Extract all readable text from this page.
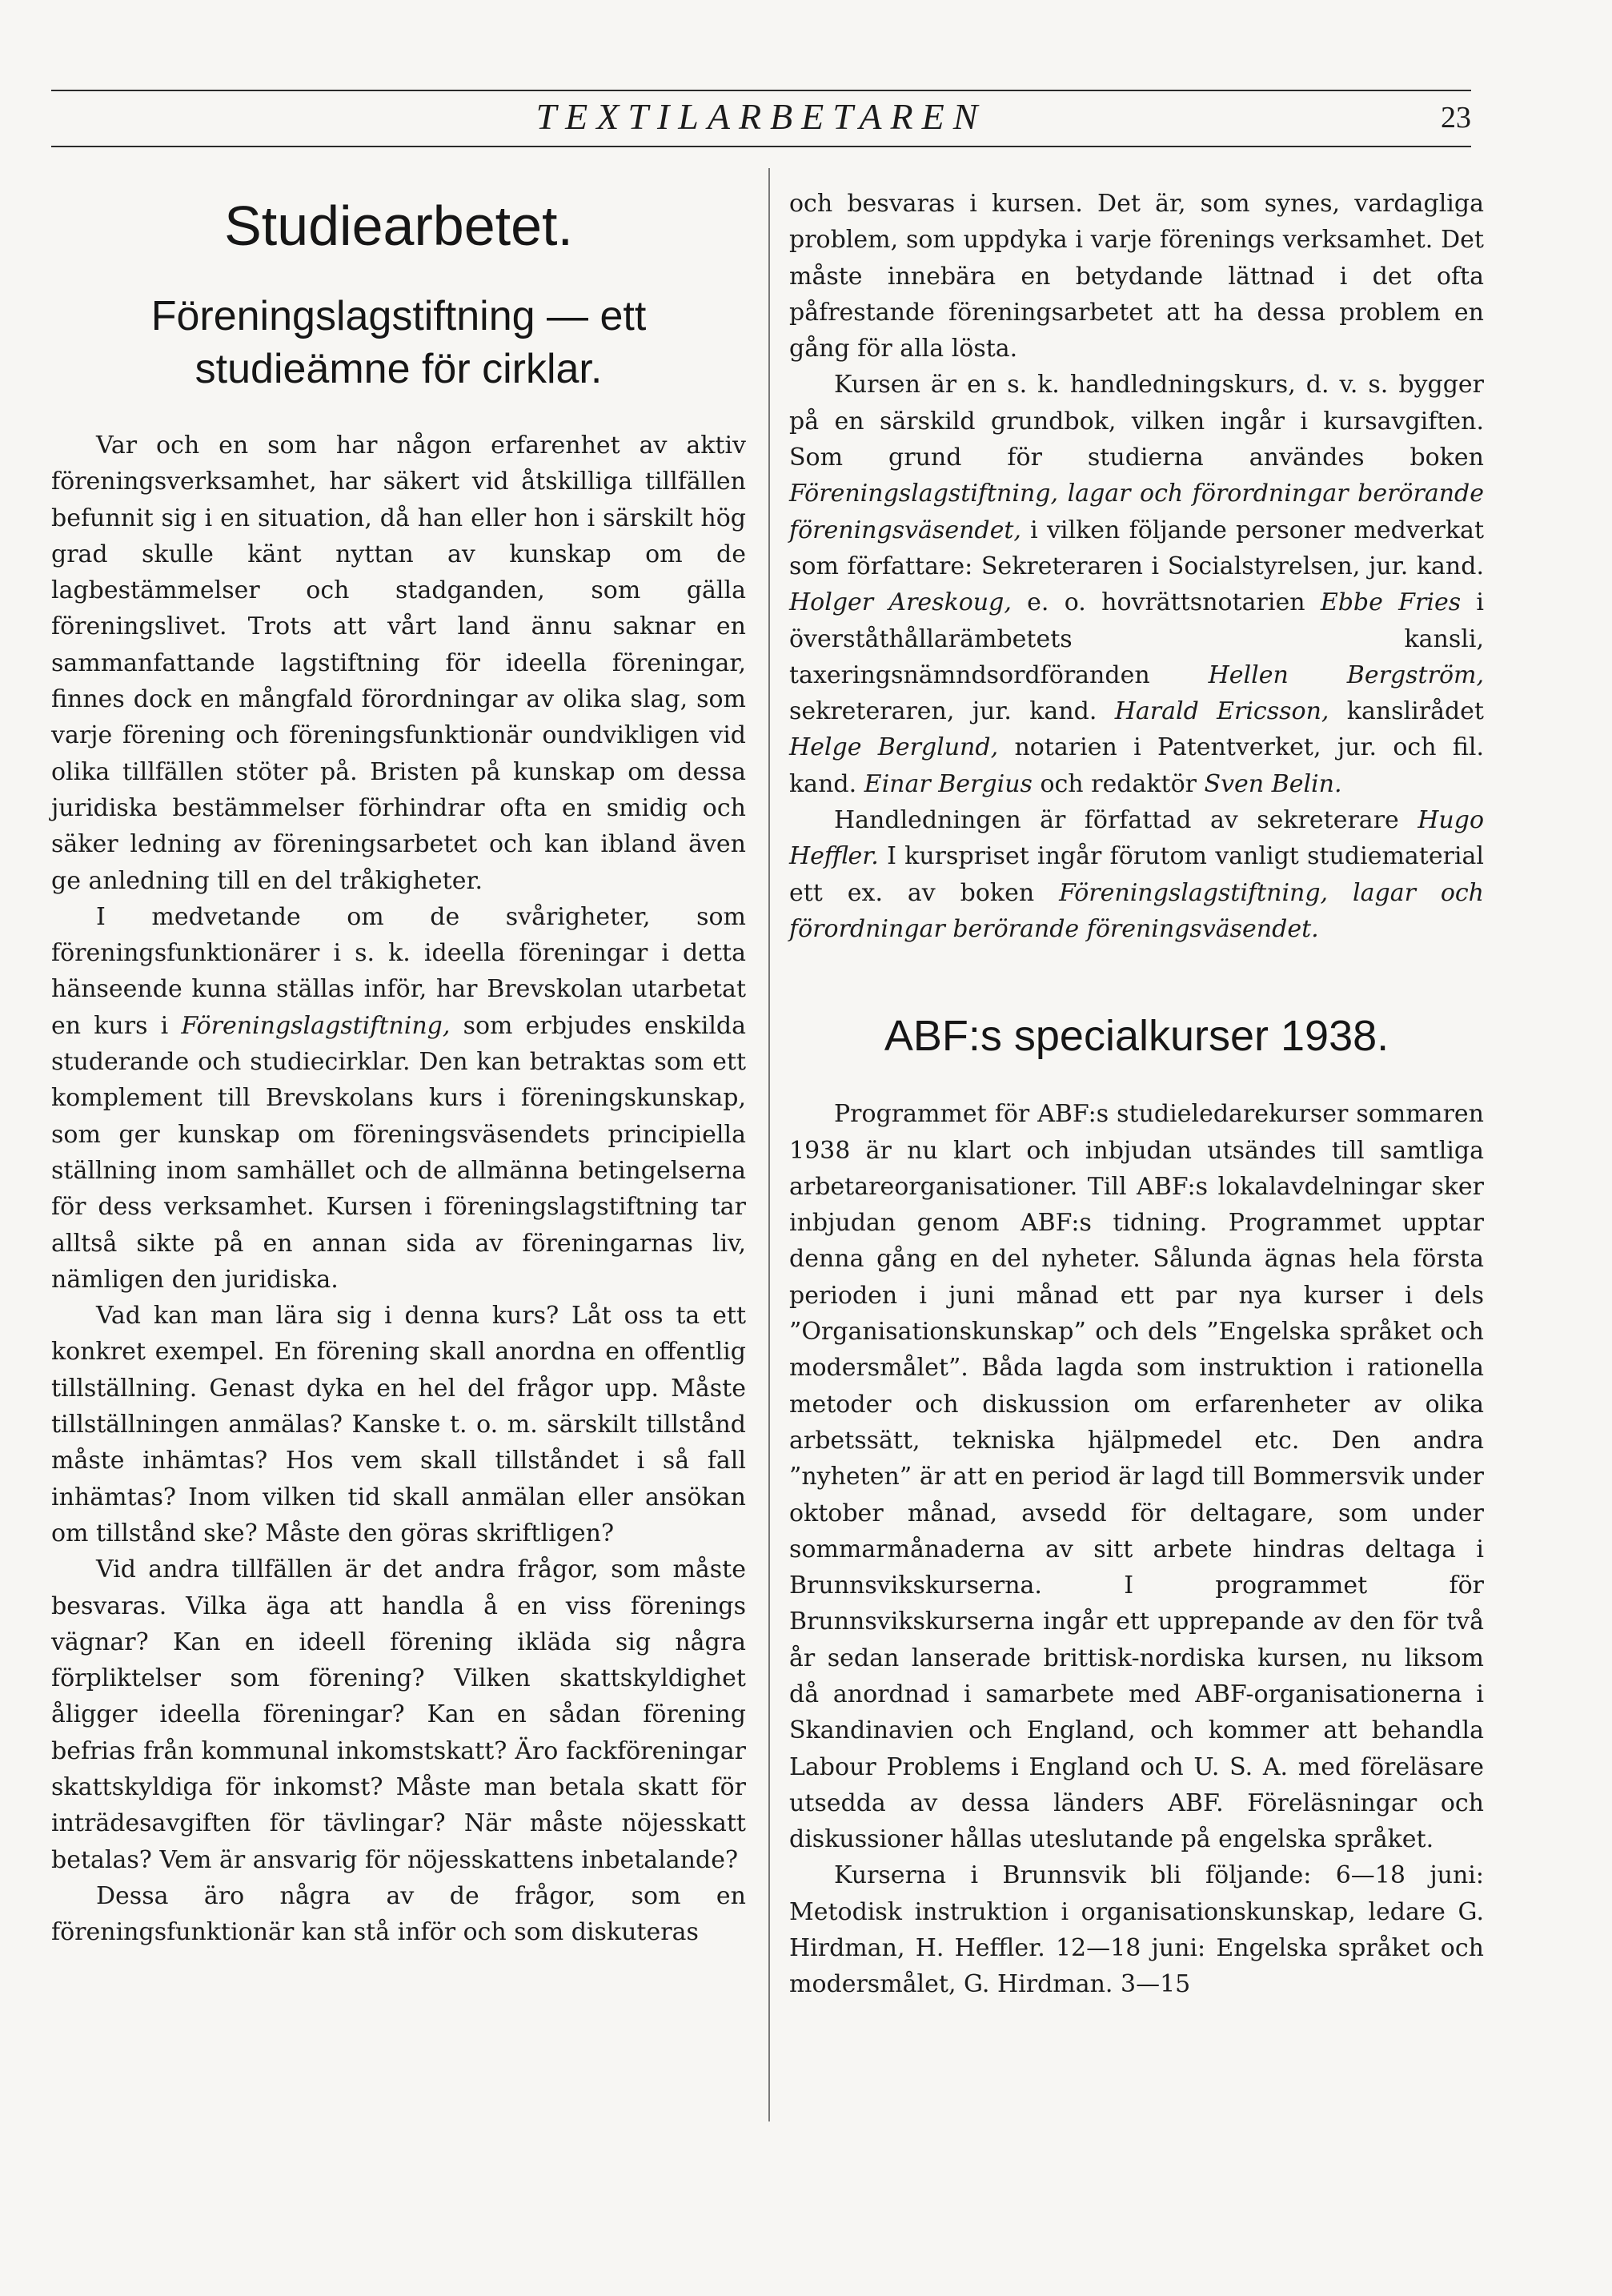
TEXTILARBETAREN	23
Studiearbetet.
Föreningslagstiftning — ett studieämne för cirklar.

Var och en som har någon erfarenhet av aktiv föreningsverksamhet, har säkert vid åtskilliga tillfällen befunnit sig i en situation, då han eller hon i särskilt hög grad skulle känt nyttan av kunskap om de lagbestämmelser och stadganden, som gälla föreningslivet. Trots att vårt land ännu saknar en sammanfattande lagstiftning för ideella föreningar, finnes dock en mångfald förordningar av olika slag, som varje förening och föreningsfunktionär oundvikligen vid olika tillfällen stöter på. Bristen på kunskap om dessa juridiska bestämmelser förhindrar ofta en smidig och säker ledning av föreningsarbetet och kan ibland även ge anledning till en del tråkigheter.

I medvetande om de svårigheter, som föreningsfunktionärer i s. k. ideella föreningar i detta hänseende kunna ställas inför, har Brevskolan utarbetat en kurs i Föreningslagstiftning, som erbjudes enskilda studerande och studiecirklar. Den kan betraktas som ett komplement till Brevskolans kurs i föreningskunskap, som ger kunskap om föreningsväsendets principiella ställning inom samhället och de allmänna betingelserna för dess verksamhet. Kursen i föreningslagstiftning tar alltså sikte på en annan sida av föreningarnas liv, nämligen den juridiska.

Vad kan man lära sig i denna kurs? Låt oss ta ett konkret exempel. En förening skall anordna en offentlig tillställning. Genast dyka en hel del frågor upp. Måste tillställningen anmälas? Kanske t. o. m. särskilt tillstånd måste inhämtas? Hos vem skall tillståndet i så fall inhämtas? Inom vilken tid skall anmälan eller ansökan om tillstånd ske? Måste den göras skriftligen?

Vid andra tillfällen är det andra frågor, som måste besvaras. Vilka äga att handla å en viss förenings vägnar? Kan en ideell förening ikläda sig några förpliktelser som förening? Vilken skattskyldighet åligger ideella föreningar? Kan en sådan förening befrias från kommunal inkomstskatt? Äro fackföreningar skattskyldiga för inkomst? Måste man betala skatt för inträdesavgiften för tävlingar? När måste nöjesskatt betalas? Vem är ansvarig för nöjesskattens inbetalande?

Dessa äro några av de frågor, som en föreningsfunktionär kan stå inför och som diskuteras

och besvaras i kursen. Det är, som synes, vardagliga problem, som uppdyka i varje förenings verksamhet. Det måste innebära en betydande lättnad i det ofta påfrestande föreningsarbetet att ha dessa problem en gång för alla lösta.

Kursen är en s. k. handledningskurs, d. v. s. bygger på en särskild grundbok, vilken ingår i kursavgiften. Som grund för studierna användes boken Föreningslagstiftning, lagar och förordningar berörande föreningsväsendet, i vilken följande personer medverkat som författare: Sekreteraren i Socialstyrelsen, jur. kand. Holger Areskoug, e. o. hovrättsnotarien Ebbe Fries i överståthållarämbetets kansli, taxeringsnämndsordföranden Hellen Bergström, sekreteraren, jur. kand. Harald Ericsson, kanslirådet Helge Berglund, notarien i Patentverket, jur. och fil. kand. Einar Bergius och redaktör Sven Belin.

Handledningen är författad av sekreterare Hugo Heffler. I kurspriset ingår förutom vanligt studiematerial ett ex. av boken Föreningslagstiftning, lagar och förordningar berörande föreningsväsendet.

ABF:s specialkurser 1938.

Programmet för ABF:s studieledarekurser sommaren 1938 är nu klart och inbjudan utsändes till samtliga arbetareorganisationer. Till ABF:s lokalavdelningar sker inbjudan genom ABF:s tidning. Programmet upptar denna gång en del nyheter. Sålunda ägnas hela första perioden i juni månad ett par nya kurser i dels ”Organisationskunskap” och dels ”Engelska språket och modersmålet”. Båda lagda som instruktion i rationella metoder och diskussion om erfarenheter av olika arbetssätt, tekniska hjälpmedel etc. Den andra ”nyheten” är att en period är lagd till Bommersvik under oktober månad, avsedd för deltagare, som under sommarmånaderna av sitt arbete hindras deltaga i Brunnsvikskurserna. I programmet för Brunnsvikskurserna ingår ett upprepande av den för två år sedan lanserade brittisk-nordiska kursen, nu liksom då anordnad i samarbete med ABF-organisationerna i Skandinavien och England, och kommer att behandla Labour Problems i England och U. S. A. med föreläsare utsedda av dessa länders ABF. Föreläsningar och diskussioner hållas uteslutande på engelska språket.

Kurserna i Brunnsvik bli följande: 6—18 juni: Metodisk instruktion i organisationskunskap, ledare G. Hirdman, H. Heffler. 12—18 juni: Engelska språket och modersmålet, G. Hirdman. 3—15
